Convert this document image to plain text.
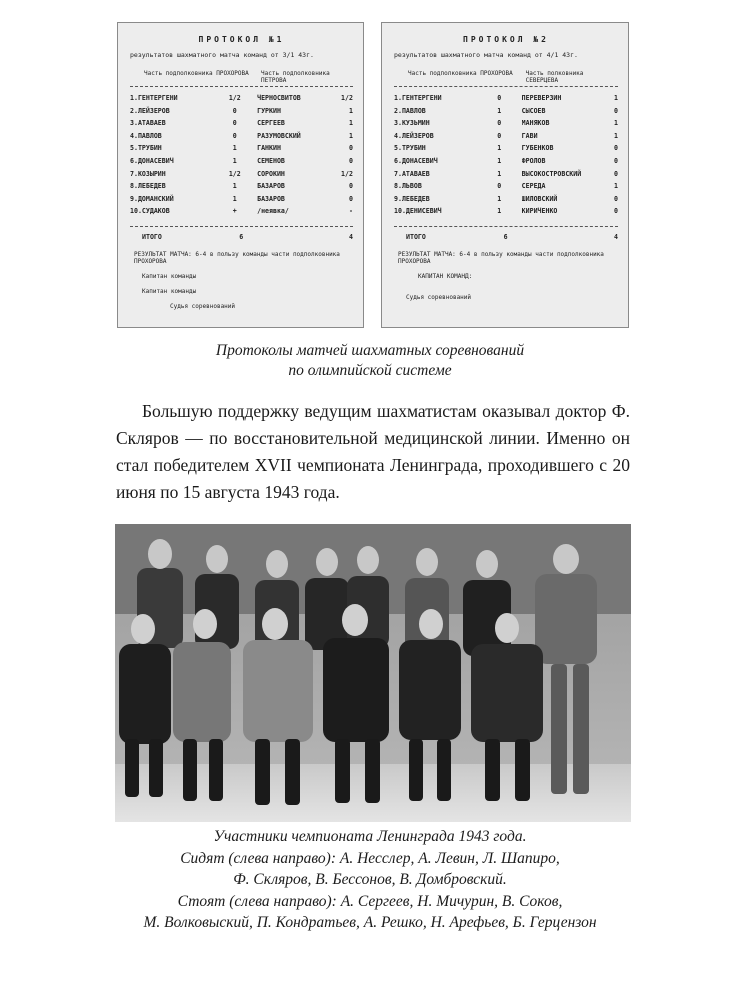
ПРОТОКОЛ №1
результатов шахматного матча команд от 3/1 43г.
Часть подполковника ПРОХОРОВА	Часть подполковника ПЕТРОВА
1.ГЕНТЕРГЕНИ	1/2	ЧЕРНОСВИТОВ	1/2
2.ЛЕЙЗЕРОВ	0	ГУРКИН	1
3.АТАВАЕВ	0	СЕРГЕЕВ	1
4.ПАВЛОВ	0	РАЗУМОВСКИЙ	1
5.ТРУБИН	1	ГАНКИН	0
6.ДОНАСЕВИЧ	1	СЕМЕНОВ	0
7.КОЗЫРИН	1/2	СОРОКИН	1/2
8.ЛЕБЕДЕВ	1	БАЗАРОВ	0
9.ДОМАНСКИЙ	1	БАЗАРОВ	0
10.СУДАКОВ	+	/неявка/	-
ИТОГО	6	4
РЕЗУЛЬТАТ МАТЧА: 6-4 в пользу команды части подполковника ПРОХОРОВА
Капитан команды
Капитан команды
Судья соревнований
ПРОТОКОЛ №2
результатов шахматного матча команд от 4/1 43г.
Часть подполковника ПРОХОРОВА	Часть полковника СЕВЕРЦЕВА
1.ГЕНТЕРГЕНИ	0	ПЕРЕВЕРЗИН	1
2.ПАВЛОВ	1	СЫСОЕВ	0
3.КУЗЬМИН	0	МАНЯКОВ	1
4.ЛЕЙЗЕРОВ	0	ГАВИ	1
5.ТРУБИН	1	ГУБЕНКОВ	0
6.ДОНАСЕВИЧ	1	ФРОЛОВ	0
7.АТАВАЕВ	1	ВЫСОКОСТРОВСКИЙ	0
8.ЛЬВОВ	0	СЕРЕДА	1
9.ЛЕБЕДЕВ	1	ШИЛОВСКИЙ	0
10.ДЕНИСЕВИЧ	1	КИРИЧЕНКО	0
ИТОГО	6	4
РЕЗУЛЬТАТ МАТЧА: 6-4 в пользу команды части подполковника ПРОХОРОВА
КАПИТАН КОМАНД:
Судья соревнований
Протоколы матчей шахматных соревнований
по олимпийской системе

Большую поддержку ведущим шахматистам оказывал доктор Ф. Скляров — по восстановительной медицинской линии. Именно он стал победителем XVII чемпионата Ленинграда, проходившего с 20 июня по 15 августа 1943 года.

Участники чемпионата Ленинграда 1943 года.
Сидят (слева направо): А. Несслер, А. Левин, Л. Шапиро,
Ф. Скляров, В. Бессонов, В. Домбровский.
Стоят (слева направо): А. Сергеев, Н. Мичурин, В. Соков,
М. Волковыский, П. Кондратьев, А. Решко, Н. Арефьев, Б. Герцензон
